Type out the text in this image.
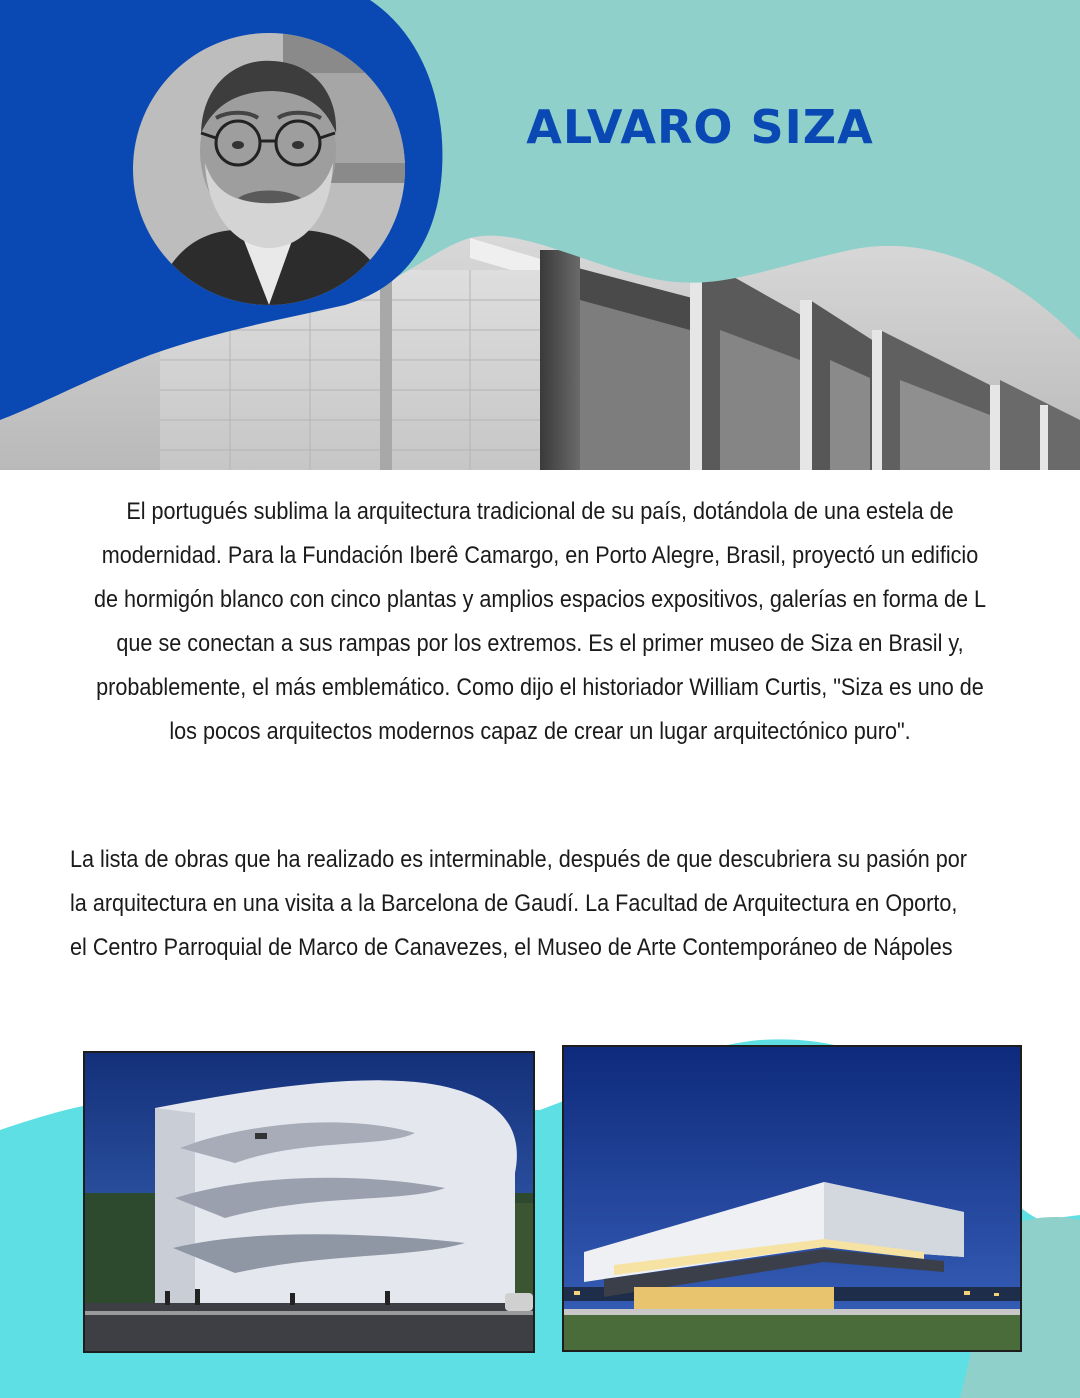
ALVARO SIZA

El portugués sublima la arquitectura tradicional de su país, dotándola de una estela de modernidad. Para la Fundación Iberê Camargo, en Porto Alegre, Brasil, proyectó un edificio de hormigón blanco con cinco plantas y amplios espacios expositivos, galerías en forma de L que se conectan a sus rampas por los extremos. Es el primer museo de Siza en Brasil y, probablemente, el más emblemático. Como dijo el historiador William Curtis, "Siza es uno de los pocos arquitectos modernos capaz de crear un lugar arquitectónico puro".

La lista de obras que ha realizado es interminable, después de que descubriera su pasión por la arquitectura en una visita a la Barcelona de Gaudí. La Facultad de Arquitectura en Oporto, el Centro Parroquial de Marco de Canavezes, el Museo de Arte Contemporáneo de Nápoles
